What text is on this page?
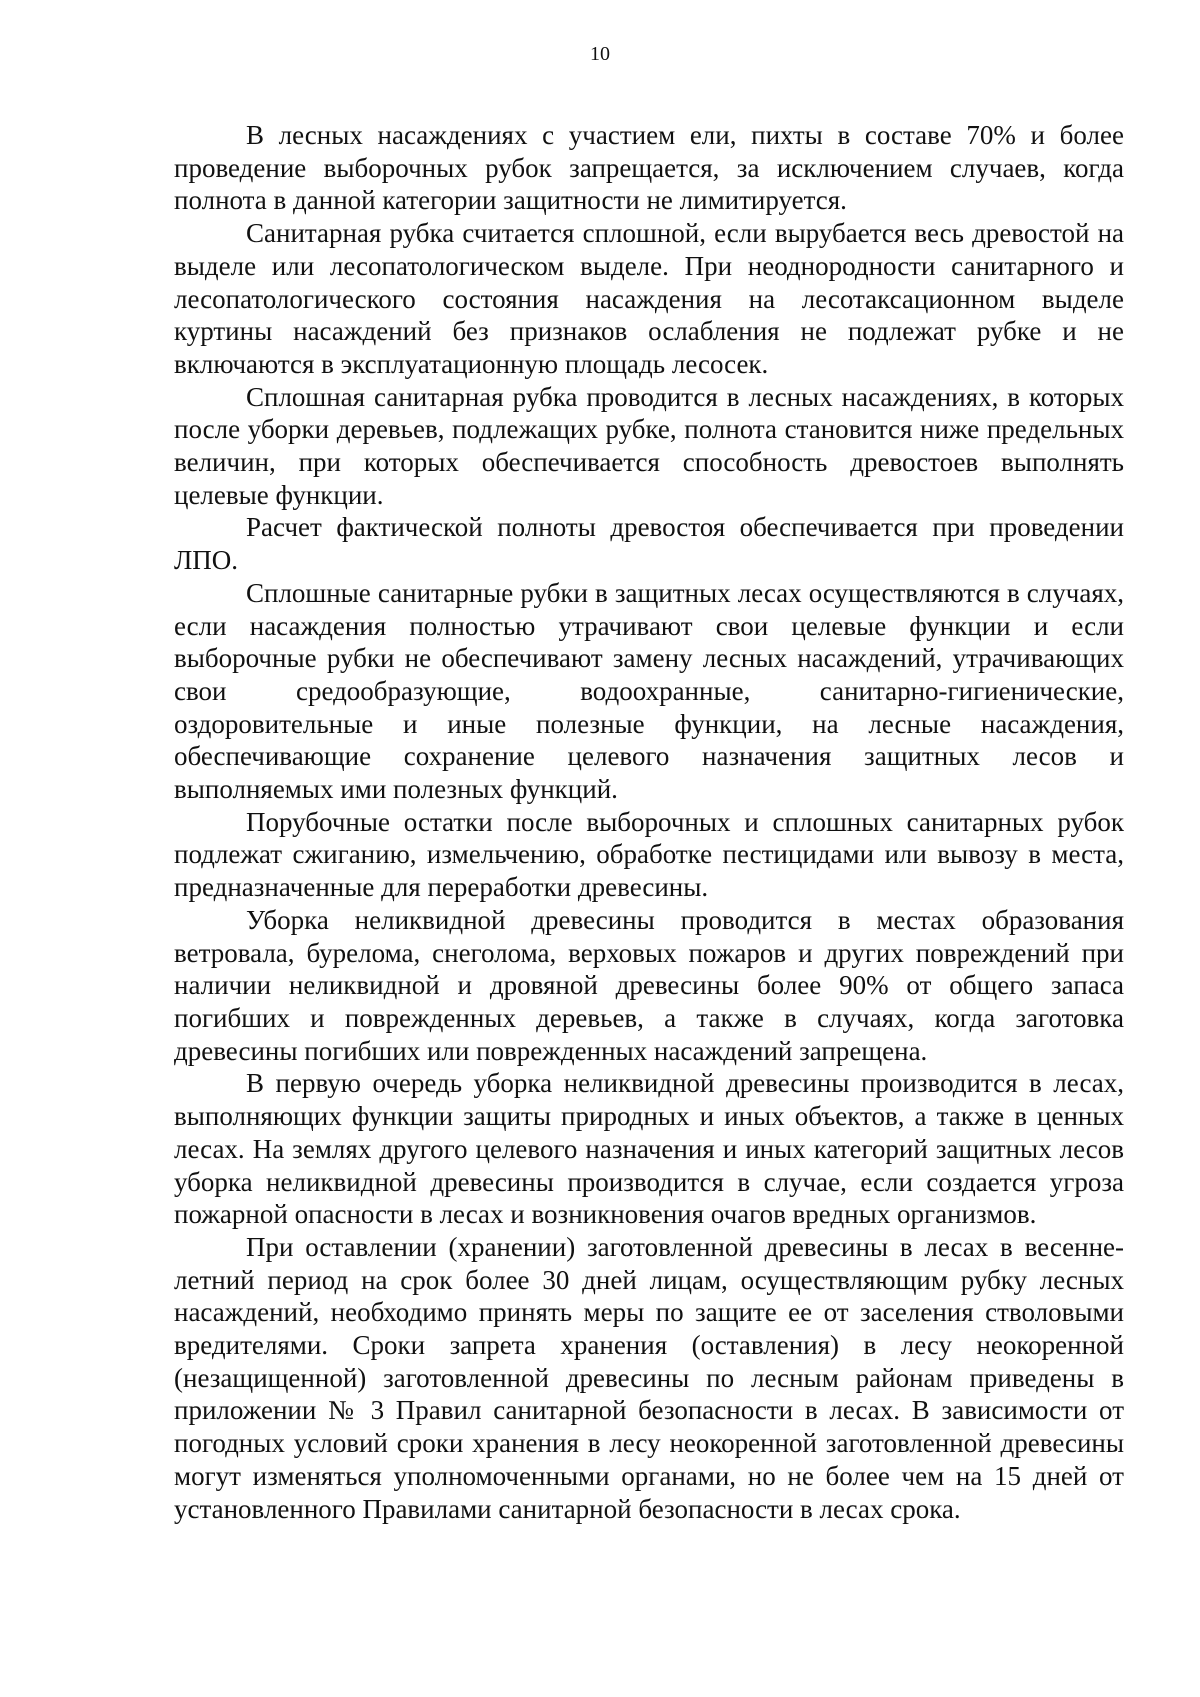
10

В лесных насаждениях с участием ели, пихты в составе 70% и более проведение выборочных рубок запрещается, за исключением случаев, когда полнота в данной категории защитности не лимитируется.

Санитарная рубка считается сплошной, если вырубается весь древостой на выделе или лесопатологическом выделе. При неоднородности санитарного и лесопатологического состояния насаждения на лесотаксационном выделе куртины насаждений без признаков ослабления не подлежат рубке и не включаются в эксплуатационную площадь лесосек.

Сплошная санитарная рубка проводится в лесных насаждениях, в которых после уборки деревьев, подлежащих рубке, полнота становится ниже предельных величин, при которых обеспечивается способность древостоев выполнять целевые функции.

Расчет фактической полноты древостоя обеспечивается при проведении ЛПО.

Сплошные санитарные рубки в защитных лесах осуществляются в случаях, если насаждения полностью утрачивают свои целевые функции и если выборочные рубки не обеспечивают замену лесных насаждений, утрачивающих свои средообразующие, водоохранные, санитарно-гигиенические, оздоровительные и иные полезные функции, на лесные насаждения, обеспечивающие сохранение целевого назначения защитных лесов и выполняемых ими полезных функций.

Порубочные остатки после выборочных и сплошных санитарных рубок подлежат сжиганию, измельчению, обработке пестицидами или вывозу в места, предназначенные для переработки древесины.

Уборка неликвидной древесины проводится в местах образования ветровала, бурелома, снеголома, верховых пожаров и других повреждений при наличии неликвидной и дровяной древесины более 90% от общего запаса погибших и поврежденных деревьев, а также в случаях, когда заготовка древесины погибших или поврежденных насаждений запрещена.

В первую очередь уборка неликвидной древесины производится в лесах, выполняющих функции защиты природных и иных объектов, а также в ценных лесах. На землях другого целевого назначения и иных категорий защитных лесов уборка неликвидной древесины производится в случае, если создается угроза пожарной опасности в лесах и возникновения очагов вредных организмов.

При оставлении (хранении) заготовленной древесины в лесах в весенне-летний период на срок более 30 дней лицам, осуществляющим рубку лесных насаждений, необходимо принять меры по защите ее от заселения стволовыми вредителями. Сроки запрета хранения (оставления) в лесу неокоренной (незащищенной) заготовленной древесины по лесным районам приведены в приложении № 3 Правил санитарной безопасности в лесах. В зависимости от погодных условий сроки хранения в лесу неокоренной заготовленной древесины могут изменяться уполномоченными органами, но не более чем на 15 дней от установленного Правилами санитарной безопасности в лесах срока.
